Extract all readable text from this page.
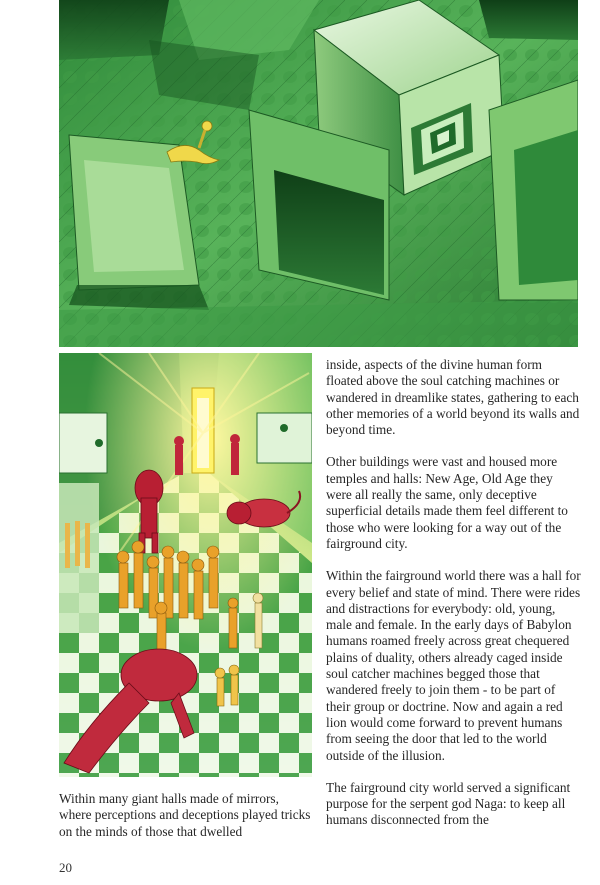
inside, aspects of the divine human form floated above the soul catching machines or wandered in dreamlike states, gathering to each other memories of a world beyond its walls and beyond time.

Other buildings were vast and housed more temples and halls: New Age, Old Age they were all really the same, only deceptive superficial details made them feel different to those who were looking for a way out of the fairground city.

Within the fairground world there was a hall for every belief and state of mind. There were rides and distractions for everybody: old, young, male and female. In the early days of Babylon humans roamed freely across great chequered plains of duality, others already caged inside soul catcher machines begged those that wandered freely to join them - to be part of their group or doctrine. Now and again a red lion would come forward to prevent humans from seeing the door that led to the world outside of the illusion.

The fairground city world served a significant purpose for the serpent god Naga: to keep all humans disconnected from the

Within many giant halls made of mirrors, where perceptions and deceptions played tricks on the minds of those that dwelled

20
